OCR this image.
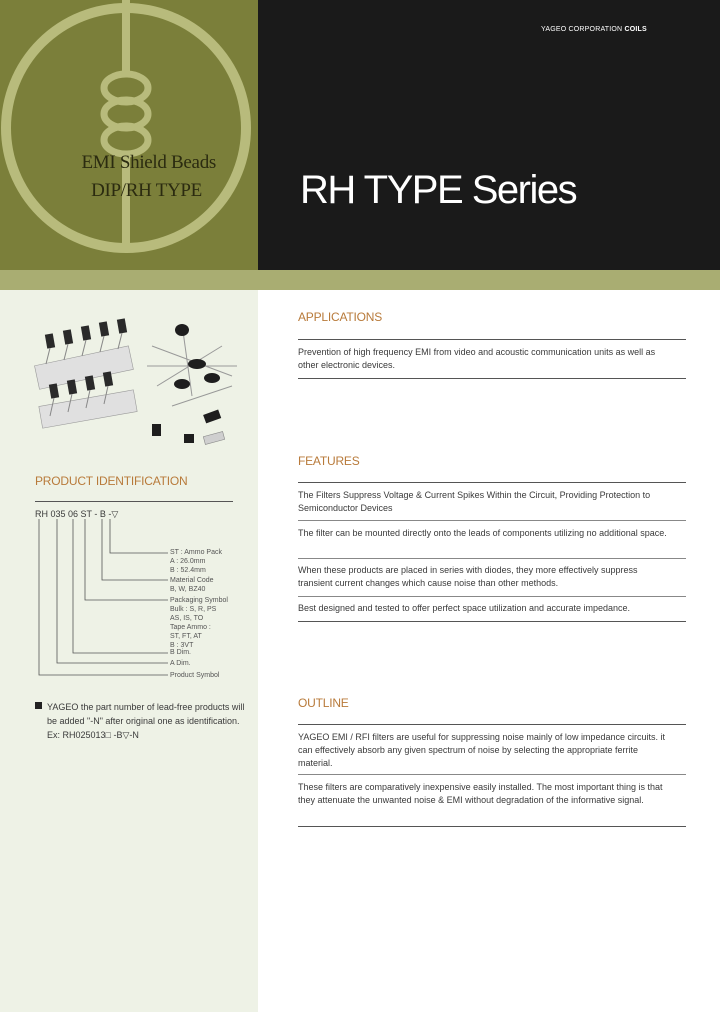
EMI Shield Beads
DIP/RH TYPE
YAGEO CORPORATION COILS
RH TYPE Series
APPLICATIONS
Prevention of high frequency EMI from video and acoustic communication units as well as other electronic devices.
FEATURES
The Filters Suppress Voltage & Current Spikes Within the Circuit, Providing Protection to Semiconductor Devices
The filter can be mounted directly onto the leads of components utilizing no additional space.
When these products are placed in series with diodes, they more effectively suppress transient current changes which cause noise than other methods.
Best designed and tested to offer perfect space utilization and accurate impedance.
OUTLINE
YAGEO EMI / RFI filters are useful for suppressing noise mainly of low impedance circuits. it can effectively absorb any given spectrum of noise by selecting the appropriate ferrite material.
These filters are comparatively inexpensive easily installed. The most important thing is that they attenuate the unwanted noise & EMI without degradation of the informative signal.
PRODUCT IDENTIFICATION
RH 035 06 ST - B -▽
ST : Ammo Pack
A : 26.0mm
B : 52.4mm
Material Code
B, W, BZ40
Packaging Symbol
Bulk : S, R, PS
AS, IS, TO
Tape Ammo :
ST, FT, AT
B : 3VT
B Dim.
A Dim.
Product Symbol
YAGEO the part number of lead-free products will be added "-N" after original one as identification. Ex: RH025013□ -B▽-N
